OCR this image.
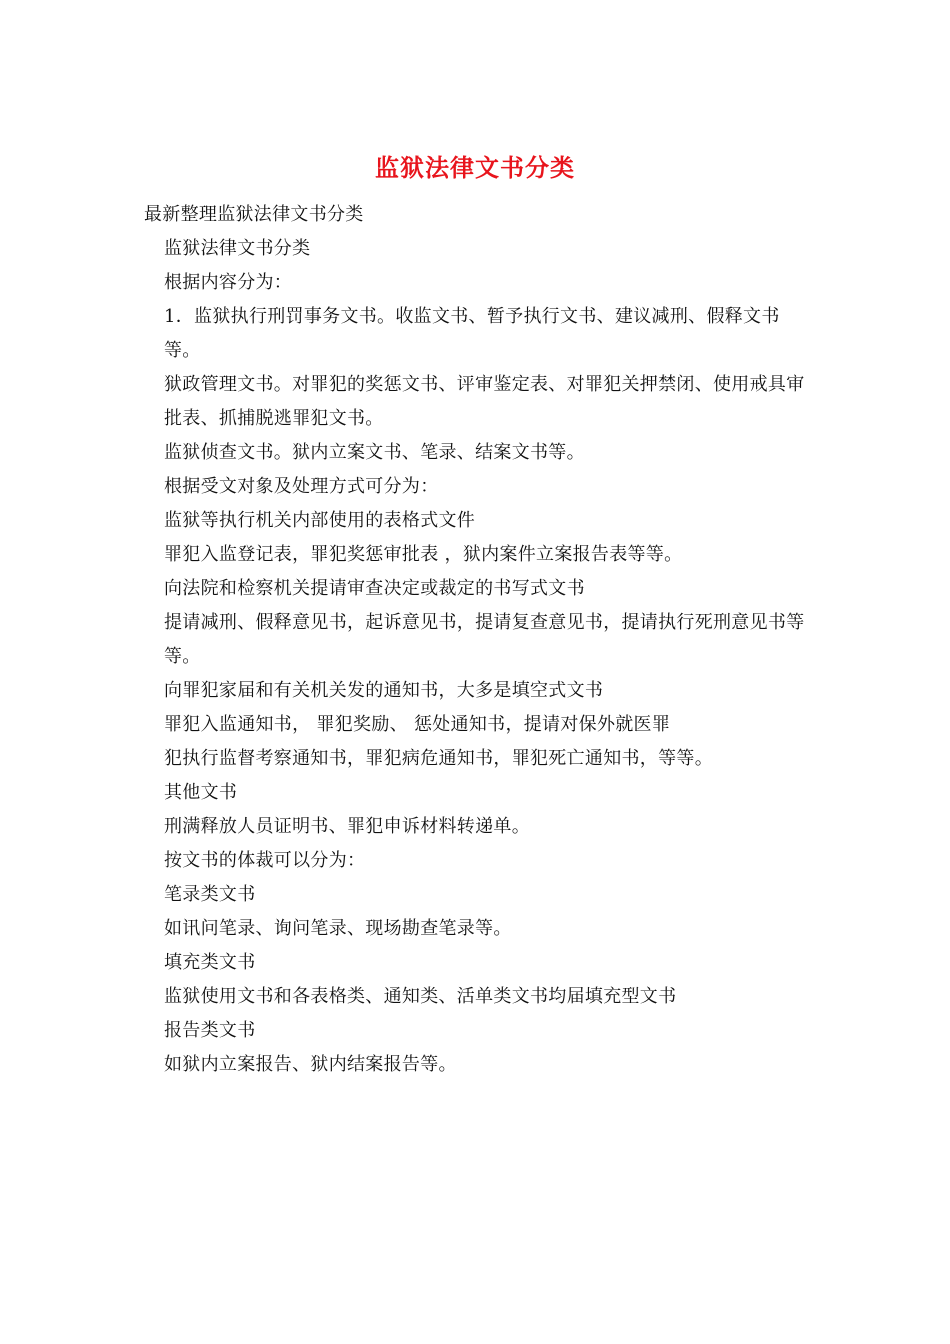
监狱法律文书分类

最新整理监狱法律文书分类

监狱法律文书分类

根据内容分为：

1．监狱执行刑罚事务文书。收监文书、暂予执行文书、建议减刑、假释文书等。

狱政管理文书。对罪犯的奖惩文书、评审鉴定表、对罪犯关押禁闭、使用戒具审批表、抓捕脱逃罪犯文书。

监狱侦查文书。狱内立案文书、笔录、结案文书等。

根据受文对象及处理方式可分为：

监狱等执行机关内部使用的表格式文件

罪犯入监登记表，罪犯奖惩审批表 ，狱内案件立案报告表等等。

向法院和检察机关提请审查决定或裁定的书写式文书

提请减刑、假释意见书，起诉意见书，提请复查意见书，提请执行死刑意见书等 等。

向罪犯家届和有关机关发的通知书，大多是填空式文书

罪犯入监通知书， 罪犯奖励、 惩处通知书，提请对保外就医罪

犯执行监督考察通知书，罪犯病危通知书，罪犯死亡通知书，等等。

其他文书

刑满释放人员证明书、罪犯申诉材料转递单。

按文书的体裁可以分为：

笔录类文书

如讯问笔录、询问笔录、现场勘查笔录等。

填充类文书

监狱使用文书和各表格类、通知类、活单类文书均届填充型文书

报告类文书

如狱内立案报告、狱内结案报告等。
